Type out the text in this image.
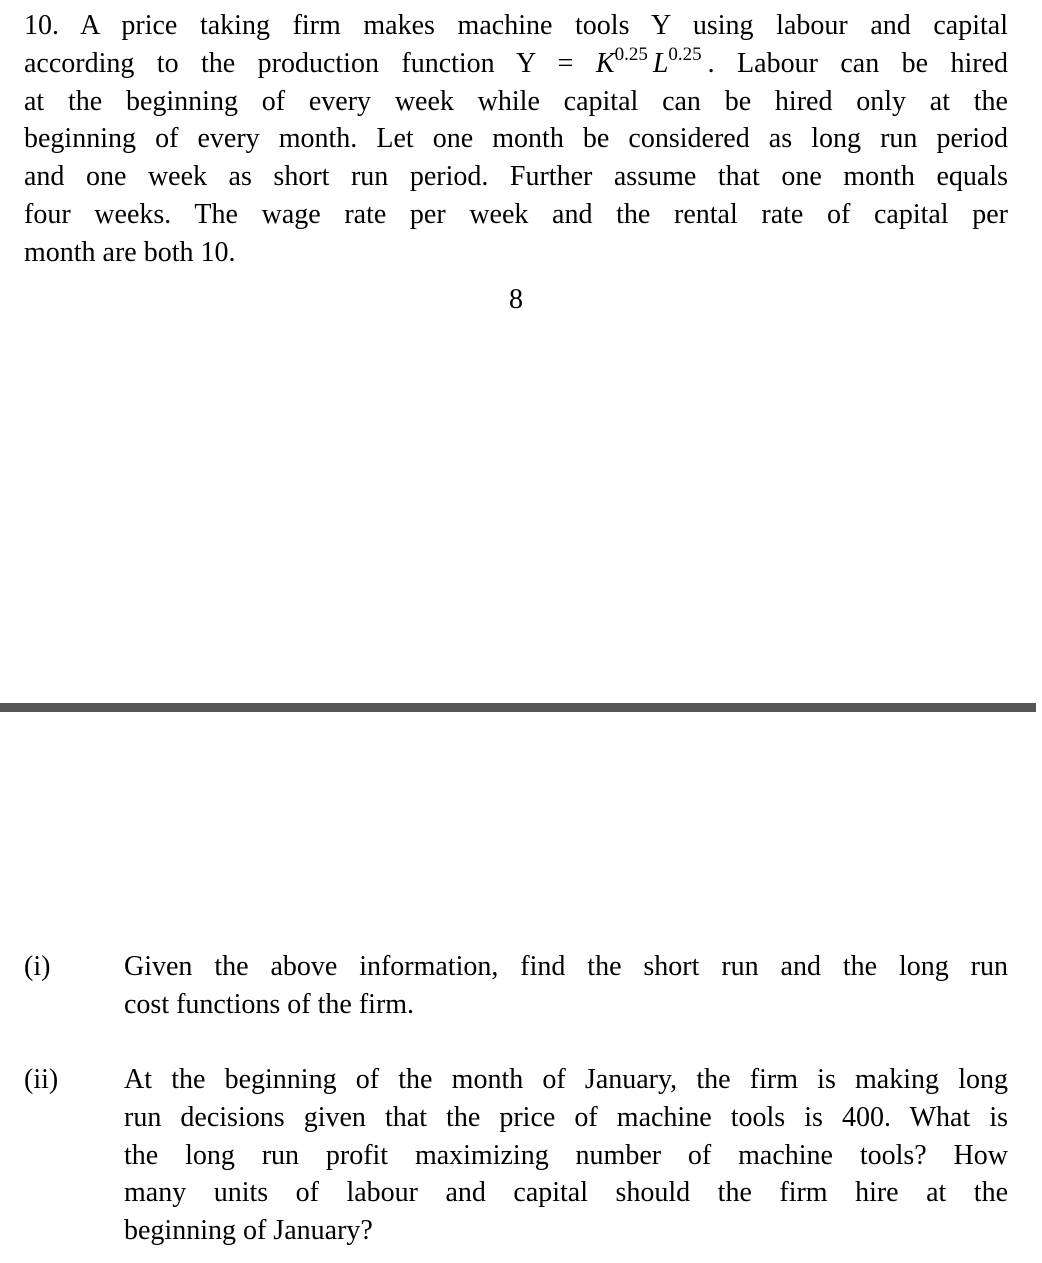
10. A price taking firm makes machine tools Y using labour and capital
according to the production function $Y = K^{0.25}$ $L^{0.25}$ . Labour can be hired
at the beginning of every week while capital can be hired only at the
beginning of every month. Let one month be considered as long run period
and one week as short run period. Further assume that one month equals
four weeks. The wage rate per week and the rental rate of capital per
month are both 10.
8
(i)	Given the above information, find the short run and the long run
cost functions of the firm.
(ii)	At the beginning of the month of January, the firm is making long
run decisions given that the price of machine tools is 400. What is
the long run profit maximizing number of machine tools? How
many units of labour and capital should the firm hire at the
beginning of January?
